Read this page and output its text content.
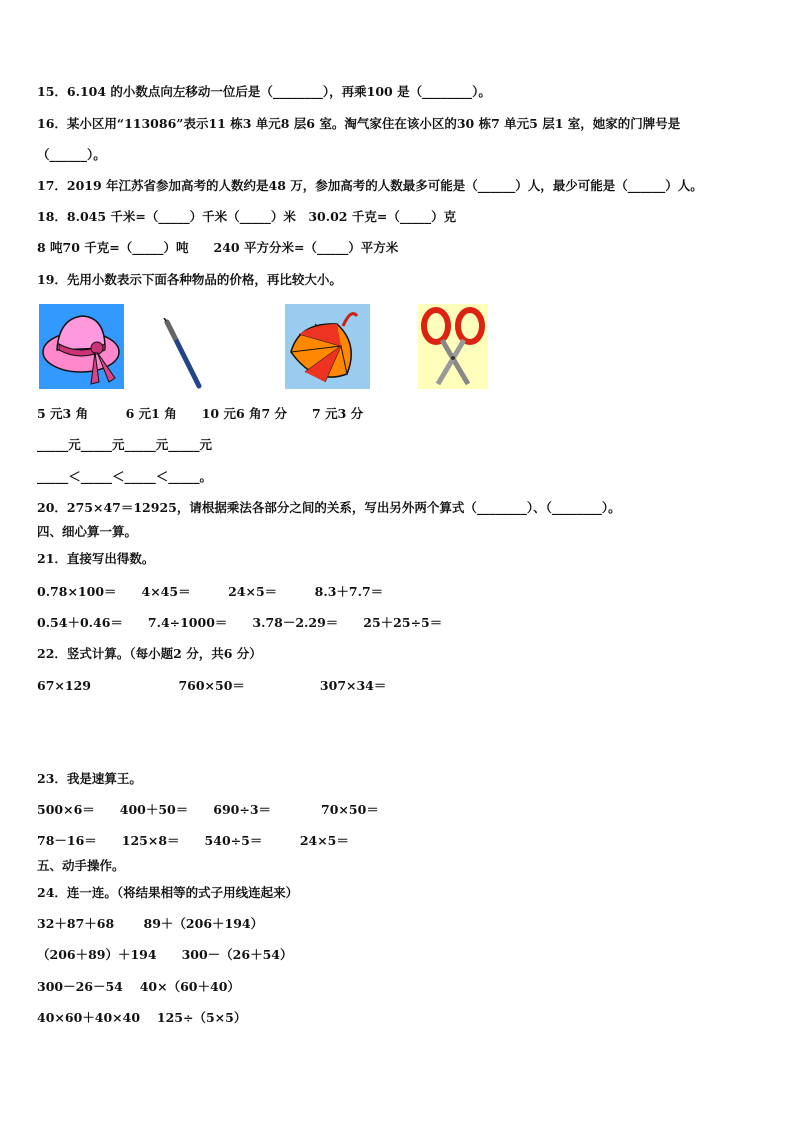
15．6.104 的小数点向左移动一位后是（________），再乘100 是（________）。
16．某小区用“113086”表示11 栋3 单元8 层6 室。淘气家住在该小区的30 栋7 单元5 层1 室，她家的门牌号是
（______）。
17．2019 年江苏省参加高考的人数约是48 万，参加高考的人数最多可能是（______）人，最少可能是（______）人。
18．8.045 千米=（_____）千米（_____）米　30.02 千克=（_____）克
8 吨70 千克=（_____）吨　　240 平方分米=（_____）平方米
19．先用小数表示下面各种物品的价格，再比较大小。
5 元3 角　　　6 元1 角　　10 元6 角7 分　　7 元3 分
_____元_____元_____元_____元
_____＜_____＜_____＜_____。
20．275×47＝12925，请根据乘法各部分之间的关系，写出另外两个算式（________）、（________）。
四、细心算一算。
21．直接写出得数。
0.78×100＝　　4×45＝　　　24×5＝　　　8.3＋7.7＝
0.54＋0.46＝　　7.4÷1000＝　　3.78－2.29＝　　25＋25÷5＝
22．竖式计算。（每小题2 分，共6 分）
67×129　　　　　　　760×50＝　　　　　　307×34＝
23．我是速算王。
500×6＝　　400＋50＝　　690÷3＝　　　　70×50＝
78－16＝　　125×8＝　　540÷5＝　　　24×5＝
五、动手操作。
24．连一连。（将结果相等的式子用线连起来）
32＋87＋68　　 89＋（206＋194）
（206＋89）＋194　　300－（26＋54）
300－26－54　 40×（60＋40）
40×60＋40×40　 125÷（5×5）
